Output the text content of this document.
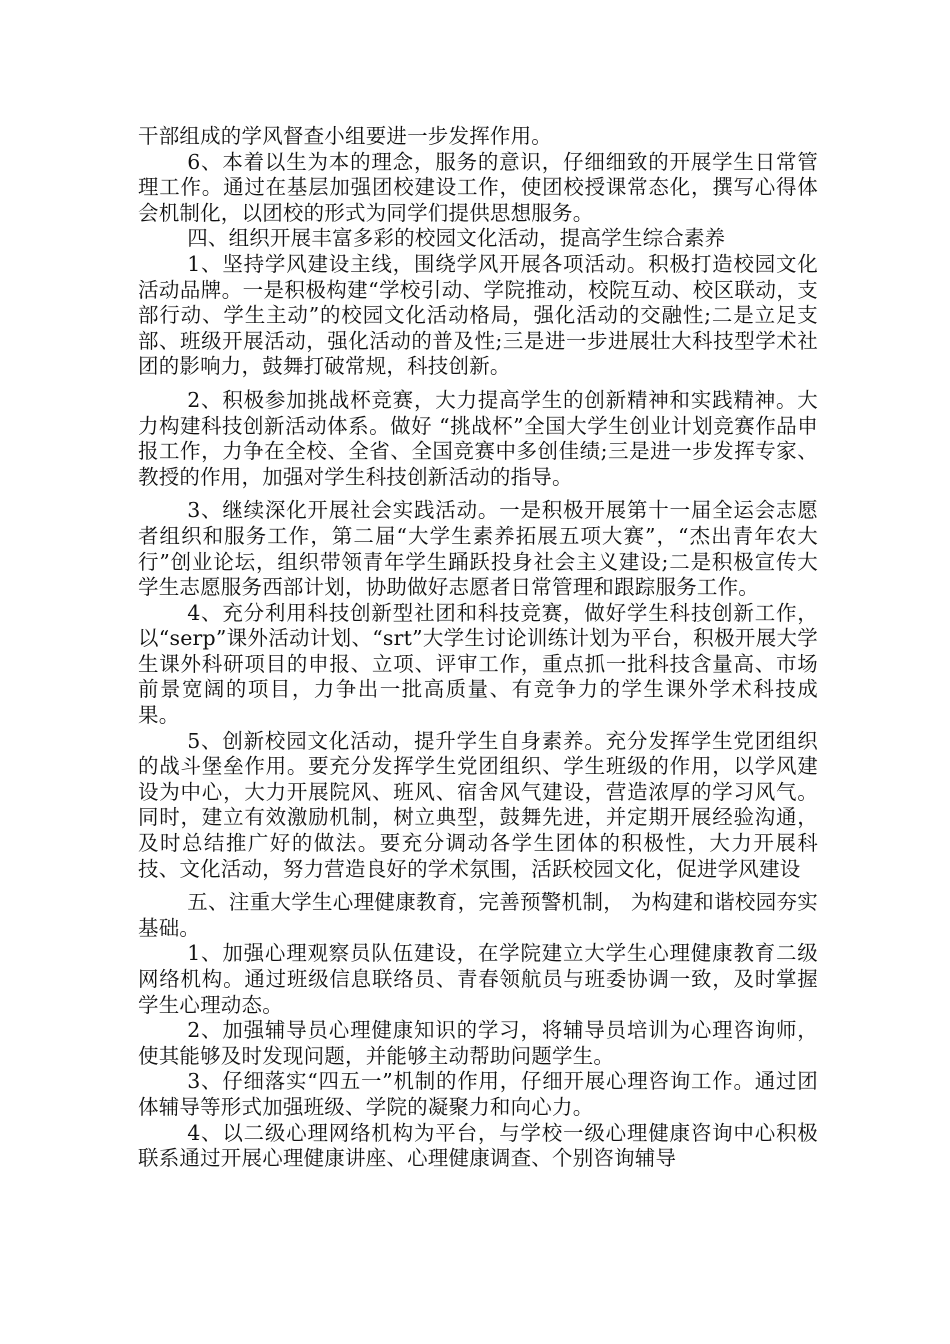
干部组成的学风督查小组要进一步发挥作用。

6、本着以生为本的理念，服务的意识，仔细细致的开展学生日常管理工作。通过在基层加强团校建设工作，使团校授课常态化，撰写心得体会机制化，以团校的形式为同学们提供思想服务。

四、组织开展丰富多彩的校园文化活动，提高学生综合素养

1、坚持学风建设主线，围绕学风开展各项活动。积极打造校园文化活动品牌。一是积极构建“学校引动、学院推动，校院互动、校区联动，支部行动、学生主动”的校园文化活动格局，强化活动的交融性;二是立足支部、班级开展活动，强化活动的普及性;三是进一步进展壮大科技型学术社团的影响力，鼓舞打破常规，科技创新。

2、积极参加挑战杯竞赛，大力提高学生的创新精神和实践精神。大力构建科技创新活动体系。做好 “挑战杯”全国大学生创业计划竞赛作品申报工作，力争在全校、全省、全国竞赛中多创佳绩;三是进一步发挥专家、教授的作用，加强对学生科技创新活动的指导。

3、继续深化开展社会实践活动。一是积极开展第十一届全运会志愿者组织和服务工作，第二届“大学生素养拓展五项大赛”，“杰出青年农大行”创业论坛，组织带领青年学生踊跃投身社会主义建设;二是积极宣传大学生志愿服务西部计划，协助做好志愿者日常管理和跟踪服务工作。

4、充分利用科技创新型社团和科技竞赛，做好学生科技创新工作，以“serp”课外活动计划、“srt”大学生讨论训练计划为平台，积极开展大学生课外科研项目的申报、立项、评审工作，重点抓一批科技含量高、市场前景宽阔的项目，力争出一批高质量、有竞争力的学生课外学术科技成果。

5、创新校园文化活动，提升学生自身素养。充分发挥学生党团组织的战斗堡垒作用。要充分发挥学生党团组织、学生班级的作用，以学风建设为中心，大力开展院风、班风、宿舍风气建设，营造浓厚的学习风气。同时，建立有效激励机制，树立典型，鼓舞先进，并定期开展经验沟通，及时总结推广好的做法。要充分调动各学生团体的积极性，大力开展科技、文化活动，努力营造良好的学术氛围，活跃校园文化，促进学风建设

五、注重大学生心理健康教育，完善预警机制， 为构建和谐校园夯实基础。

1、加强心理观察员队伍建设，在学院建立大学生心理健康教育二级网络机构。通过班级信息联络员、青春领航员与班委协调一致，及时掌握学生心理动态。

2、加强辅导员心理健康知识的学习，将辅导员培训为心理咨询师，使其能够及时发现问题，并能够主动帮助问题学生。

3、仔细落实“四五一”机制的作用，仔细开展心理咨询工作。通过团体辅导等形式加强班级、学院的凝聚力和向心力。

4、以二级心理网络机构为平台，与学校一级心理健康咨询中心积极联系通过开展心理健康讲座、心理健康调查、个别咨询辅导
